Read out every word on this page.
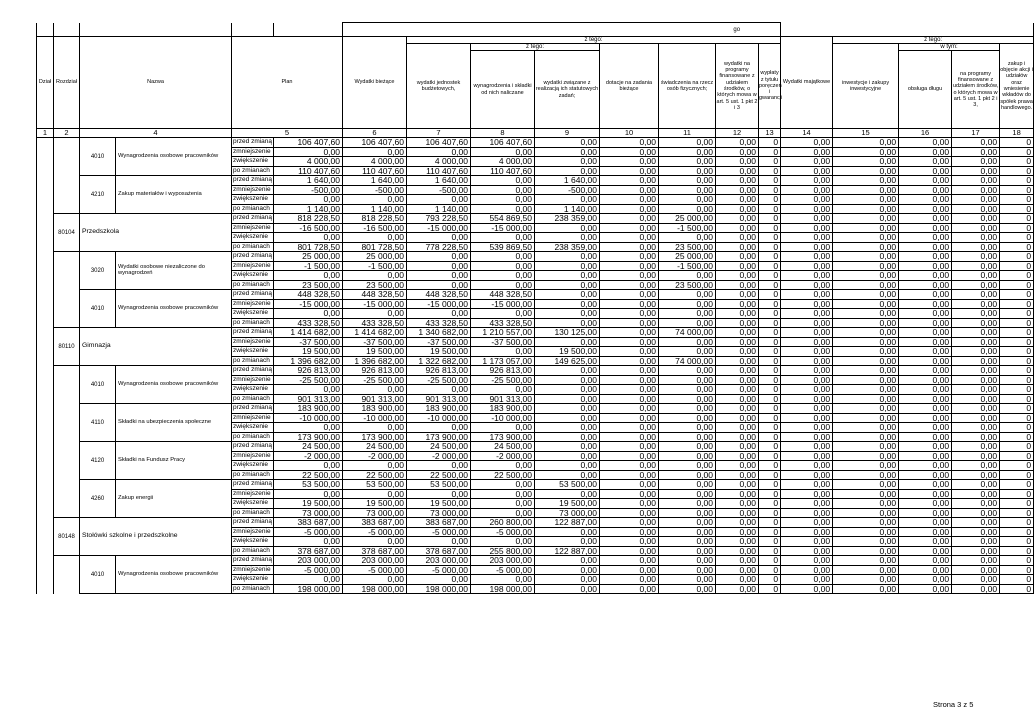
						go												
Dział	Rozdział	Nazwa		Plan		Wydatki bieżące	z tego:							Wydatki majątkowe	z tego:			
							wydatki jednostek budżetowych,	z tego:		dotacje na zadania bieżące	świadczenia na rzecz osób fizycznych;	wydatki na programy finansowane z udziałem środków, o których mowa w art. 5 ust. 1 pkt 2 i 3	wypłaty z tytułu poręczeń i gwarancji		inwestycje i zakupy inwestycyjne	w tym:		zakup i objęcie akcji i udziałów oraz wniesienie wkładów do spółek prawa handlowego.
								wynagrodzenia i składki od nich naliczane	wydatki związane z realizacją ich statutowych zadań;							obsługa długu	na programy finansowane z udziałem środków, o których mowa w art. 5 ust. 1 pkt 2 i 3,	
1	2	4		5		6	7	8	9	10	11	12	13	14	15	16	17	18
		4010	Wynagrodzenia osobowe pracowników	przed zmianą	106 407,60	106 407,60	106 407,60	106 407,60	0,00	0,00	0,00	0,00	0	0,00	0,00	0,00	0,00	0
				zmniejszenie	0,00	0,00	0,00	0,00	0,00	0,00	0,00	0,00	0	0,00	0,00	0,00	0,00	0
				zwiększenie	4 000,00	4 000,00	4 000,00	4 000,00	0,00	0,00	0,00	0,00	0	0,00	0,00	0,00	0,00	0
				po zmianach	110 407,60	110 407,60	110 407,60	110 407,60	0,00	0,00	0,00	0,00	0	0,00	0,00	0,00	0,00	0
		4210	Zakup materiałów i wyposażenia	przed zmianą	1 640,00	1 640,00	1 640,00	0,00	1 640,00	0,00	0,00	0,00	0	0,00	0,00	0,00	0,00	0
				zmniejszenie	-500,00	-500,00	-500,00	0,00	-500,00	0,00	0,00	0,00	0	0,00	0,00	0,00	0,00	0
				zwiększenie	0,00	0,00	0,00	0,00	0,00	0,00	0,00	0,00	0	0,00	0,00	0,00	0,00	0
				po zmianach	1 140,00	1 140,00	1 140,00	0,00	1 140,00	0,00	0,00	0,00	0	0,00	0,00	0,00	0,00	0
	80104	Przedszkola		przed zmianą	818 228,50	818 228,50	793 228,50	554 869,50	238 359,00	0,00	25 000,00	0,00	0	0,00	0,00	0,00	0,00	0
				zmniejszenie	-16 500,00	-16 500,00	-15 000,00	-15 000,00	0,00	0,00	-1 500,00	0,00	0	0,00	0,00	0,00	0,00	0
				zwiększenie	0,00	0,00	0,00	0,00	0,00	0,00	0,00	0,00	0	0,00	0,00	0,00	0,00	0
				po zmianach	801 728,50	801 728,50	778 228,50	539 869,50	238 359,00	0,00	23 500,00	0,00	0	0,00	0,00	0,00	0,00	0
		3020	Wydatki osobowe niezaliczone do wynagrodzeń	przed zmianą	25 000,00	25 000,00	0,00	0,00	0,00	0,00	25 000,00	0,00	0	0,00	0,00	0,00	0,00	0
				zmniejszenie	-1 500,00	-1 500,00	0,00	0,00	0,00	0,00	-1 500,00	0,00	0	0,00	0,00	0,00	0,00	0
				zwiększenie	0,00	0,00	0,00	0,00	0,00	0,00	0,00	0,00	0	0,00	0,00	0,00	0,00	0
				po zmianach	23 500,00	23 500,00	0,00	0,00	0,00	0,00	23 500,00	0,00	0	0,00	0,00	0,00	0,00	0
		4010	Wynagrodzenia osobowe pracowników	przed zmianą	448 328,50	448 328,50	448 328,50	448 328,50	0,00	0,00	0,00	0,00	0	0,00	0,00	0,00	0,00	0
				zmniejszenie	-15 000,00	-15 000,00	-15 000,00	-15 000,00	0,00	0,00	0,00	0,00	0	0,00	0,00	0,00	0,00	0
				zwiększenie	0,00	0,00	0,00	0,00	0,00	0,00	0,00	0,00	0	0,00	0,00	0,00	0,00	0
				po zmianach	433 328,50	433 328,50	433 328,50	433 328,50	0,00	0,00	0,00	0,00	0	0,00	0,00	0,00	0,00	0
	80110	Gimnazja		przed zmianą	1 414 682,00	1 414 682,00	1 340 682,00	1 210 557,00	130 125,00	0,00	74 000,00	0,00	0	0,00	0,00	0,00	0,00	0
				zmniejszenie	-37 500,00	-37 500,00	-37 500,00	-37 500,00	0,00	0,00	0,00	0,00	0	0,00	0,00	0,00	0,00	0
				zwiększenie	19 500,00	19 500,00	19 500,00	0,00	19 500,00	0,00	0,00	0,00	0	0,00	0,00	0,00	0,00	0
				po zmianach	1 396 682,00	1 396 682,00	1 322 682,00	1 173 057,00	149 625,00	0,00	74 000,00	0,00	0	0,00	0,00	0,00	0,00	0
		4010	Wynagrodzenia osobowe pracowników	przed zmianą	926 813,00	926 813,00	926 813,00	926 813,00	0,00	0,00	0,00	0,00	0	0,00	0,00	0,00	0,00	0
				zmniejszenie	-25 500,00	-25 500,00	-25 500,00	-25 500,00	0,00	0,00	0,00	0,00	0	0,00	0,00	0,00	0,00	0
				zwiększenie	0,00	0,00	0,00	0,00	0,00	0,00	0,00	0,00	0	0,00	0,00	0,00	0,00	0
				po zmianach	901 313,00	901 313,00	901 313,00	901 313,00	0,00	0,00	0,00	0,00	0	0,00	0,00	0,00	0,00	0
		4110	Składki na ubezpieczenia społeczne	przed zmianą	183 900,00	183 900,00	183 900,00	183 900,00	0,00	0,00	0,00	0,00	0	0,00	0,00	0,00	0,00	0
				zmniejszenie	-10 000,00	-10 000,00	-10 000,00	-10 000,00	0,00	0,00	0,00	0,00	0	0,00	0,00	0,00	0,00	0
				zwiększenie	0,00	0,00	0,00	0,00	0,00	0,00	0,00	0,00	0	0,00	0,00	0,00	0,00	0
				po zmianach	173 900,00	173 900,00	173 900,00	173 900,00	0,00	0,00	0,00	0,00	0	0,00	0,00	0,00	0,00	0
		4120	Składki na Fundusz Pracy	przed zmianą	24 500,00	24 500,00	24 500,00	24 500,00	0,00	0,00	0,00	0,00	0	0,00	0,00	0,00	0,00	0
				zmniejszenie	-2 000,00	-2 000,00	-2 000,00	-2 000,00	0,00	0,00	0,00	0,00	0	0,00	0,00	0,00	0,00	0
				zwiększenie	0,00	0,00	0,00	0,00	0,00	0,00	0,00	0,00	0	0,00	0,00	0,00	0,00	0
				po zmianach	22 500,00	22 500,00	22 500,00	22 500,00	0,00	0,00	0,00	0,00	0	0,00	0,00	0,00	0,00	0
		4260	Zakup energii	przed zmianą	53 500,00	53 500,00	53 500,00	0,00	53 500,00	0,00	0,00	0,00	0	0,00	0,00	0,00	0,00	0
				zmniejszenie	0,00	0,00	0,00	0,00	0,00	0,00	0,00	0,00	0	0,00	0,00	0,00	0,00	0
				zwiększenie	19 500,00	19 500,00	19 500,00	0,00	19 500,00	0,00	0,00	0,00	0	0,00	0,00	0,00	0,00	0
				po zmianach	73 000,00	73 000,00	73 000,00	0,00	73 000,00	0,00	0,00	0,00	0	0,00	0,00	0,00	0,00	0
	80148	Stołówki szkolne i przedszkolne		przed zmianą	383 687,00	383 687,00	383 687,00	260 800,00	122 887,00	0,00	0,00	0,00	0	0,00	0,00	0,00	0,00	0
				zmniejszenie	-5 000,00	-5 000,00	-5 000,00	-5 000,00	0,00	0,00	0,00	0,00	0	0,00	0,00	0,00	0,00	0
				zwiększenie	0,00	0,00	0,00	0,00	0,00	0,00	0,00	0,00	0	0,00	0,00	0,00	0,00	0
				po zmianach	378 687,00	378 687,00	378 687,00	255 800,00	122 887,00	0,00	0,00	0,00	0	0,00	0,00	0,00	0,00	0
		4010	Wynagrodzenia osobowe pracowników	przed zmianą	203 000,00	203 000,00	203 000,00	203 000,00	0,00	0,00	0,00	0,00	0	0,00	0,00	0,00	0,00	0
				zmniejszenie	-5 000,00	-5 000,00	-5 000,00	-5 000,00	0,00	0,00	0,00	0,00	0	0,00	0,00	0,00	0,00	0
				zwiększenie	0,00	0,00	0,00	0,00	0,00	0,00	0,00	0,00	0	0,00	0,00	0,00	0,00	0
				po zmianach	198 000,00	198 000,00	198 000,00	198 000,00	0,00	0,00	0,00	0,00	0	0,00	0,00	0,00	0,00	0
Strona 3 z 5
